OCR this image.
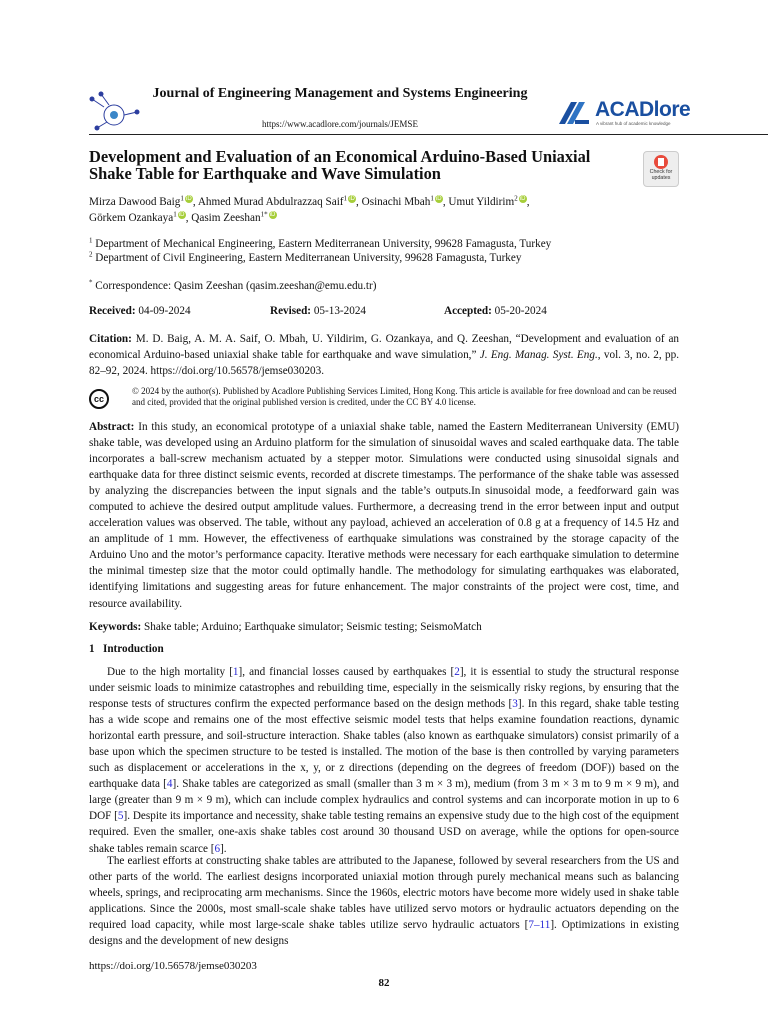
Journal of Engineering Management and Systems Engineering
https://www.acadlore.com/journals/JEMSE
ACADlore
A vibrant hub of academic knowledge
Development and Evaluation of an Economical Arduino-Based Uniaxial Shake Table for Earthquake and Wave Simulation	Check for updates
Mirza Dawood Baig$^1$ iD, Ahmed Murad Abdulrazzaq Saif$^1$ iD, Osinachi Mbah$^1$ iD, Umut Yildirim$^2$ iD,
Görkem Ozankaya$^1$ iD, Qasim Zeeshan$^{1*}$ iD
$^1$ Department of Mechanical Engineering, Eastern Mediterranean University, 99628 Famagusta, Turkey
$^2$ Department of Civil Engineering, Eastern Mediterranean University, 99628 Famagusta, Turkey
* Correspondence: Qasim Zeeshan (qasim.zeeshan@emu.edu.tr)
Received: 04-09-2024	Revised: 05-13-2024	Accepted: 05-20-2024
Citation: M. D. Baig, A. M. A. Saif, O. Mbah, U. Yildirim, G. Ozankaya, and Q. Zeeshan, “Development and evaluation of an economical Arduino-based uniaxial shake table for earthquake and wave simulation,” J. Eng. Manag. Syst. Eng., vol. 3, no. 2, pp. 82–92, 2024. https://doi.org/10.56578/jemse030203.
cc
© 2024 by the author(s). Published by Acadlore Publishing Services Limited, Hong Kong. This article is available for free download and can be reused and cited, provided that the original published version is credited, under the CC BY 4.0 license.
Abstract: In this study, an economical prototype of a uniaxial shake table, named the Eastern Mediterranean University (EMU) shake table, was developed using an Arduino platform for the simulation of sinusoidal waves and scaled earthquake data. The table incorporates a ball-screw mechanism actuated by a stepper motor. Simulations were conducted using sinusoidal signals and earthquake data for three distinct seismic events, recorded at discrete timestamps. The performance of the shake table was assessed by analyzing the discrepancies between the input signals and the table’s outputs.In sinusoidal mode, a feedforward gain was computed to achieve the desired output amplitude values. Furthermore, a decreasing trend in the error between input and output acceleration values was observed. The table, without any payload, achieved an acceleration of 0.8 g at a frequency of 14.5 Hz and an amplitude of 1 mm. However, the effectiveness of earthquake simulations was constrained by the storage capacity of the Arduino Uno and the motor’s performance capacity. Iterative methods were necessary for each earthquake simulation to determine the minimal timestep size that the motor could optimally handle. The methodology for simulating earthquakes was elaborated, identifying limitations and suggesting areas for future enhancement. The major constraints of the project were cost, time, and resource availability.
Keywords: Shake table; Arduino; Earthquake simulator; Seismic testing; SeismoMatch
1 Introduction
Due to the high mortality [1], and financial losses caused by earthquakes [2], it is essential to study the structural response under seismic loads to minimize catastrophes and rebuilding time, especially in the seismically risky regions, by ensuring that the response tests of structures confirm the expected performance based on the design methods [3]. In this regard, shake table testing has a wide scope and remains one of the most effective seismic model tests that helps examine foundation reactions, dynamic horizontal earth pressure, and soil-structure interaction. Shake tables (also known as earthquake simulators) consist primarily of a base upon which the specimen structure to be tested is installed. The motion of the base is then controlled by varying parameters such as displacement or accelerations in the x, y, or z directions (depending on the degrees of freedom (DOF)) based on the earthquake data [4]. Shake tables are categorized as small (smaller than 3 m × 3 m), medium (from 3 m × 3 m to 9 m × 9 m), and large (greater than 9 m × 9 m), which can include complex hydraulics and control systems and can incorporate motion in up to 6 DOF [5]. Despite its importance and necessity, shake table testing remains an expensive study due to the high cost of the equipment required. Even the smaller, one-axis shake tables cost around 30 thousand USD on average, while the options for open-source shake tables remain scarce [6].
The earliest efforts at constructing shake tables are attributed to the Japanese, followed by several researchers from the US and other parts of the world. The earliest designs incorporated uniaxial motion through purely mechanical means such as balancing wheels, springs, and reciprocating arm mechanisms. Since the 1960s, electric motors have become more widely used in shake table applications. Since the 2000s, most small-scale shake tables have utilized servo motors or hydraulic actuators depending on the required load capacity, while most large-scale shake tables utilize servo hydraulic actuators [7–11]. Optimizations in existing designs and the development of new designs
https://doi.org/10.56578/jemse030203
82
